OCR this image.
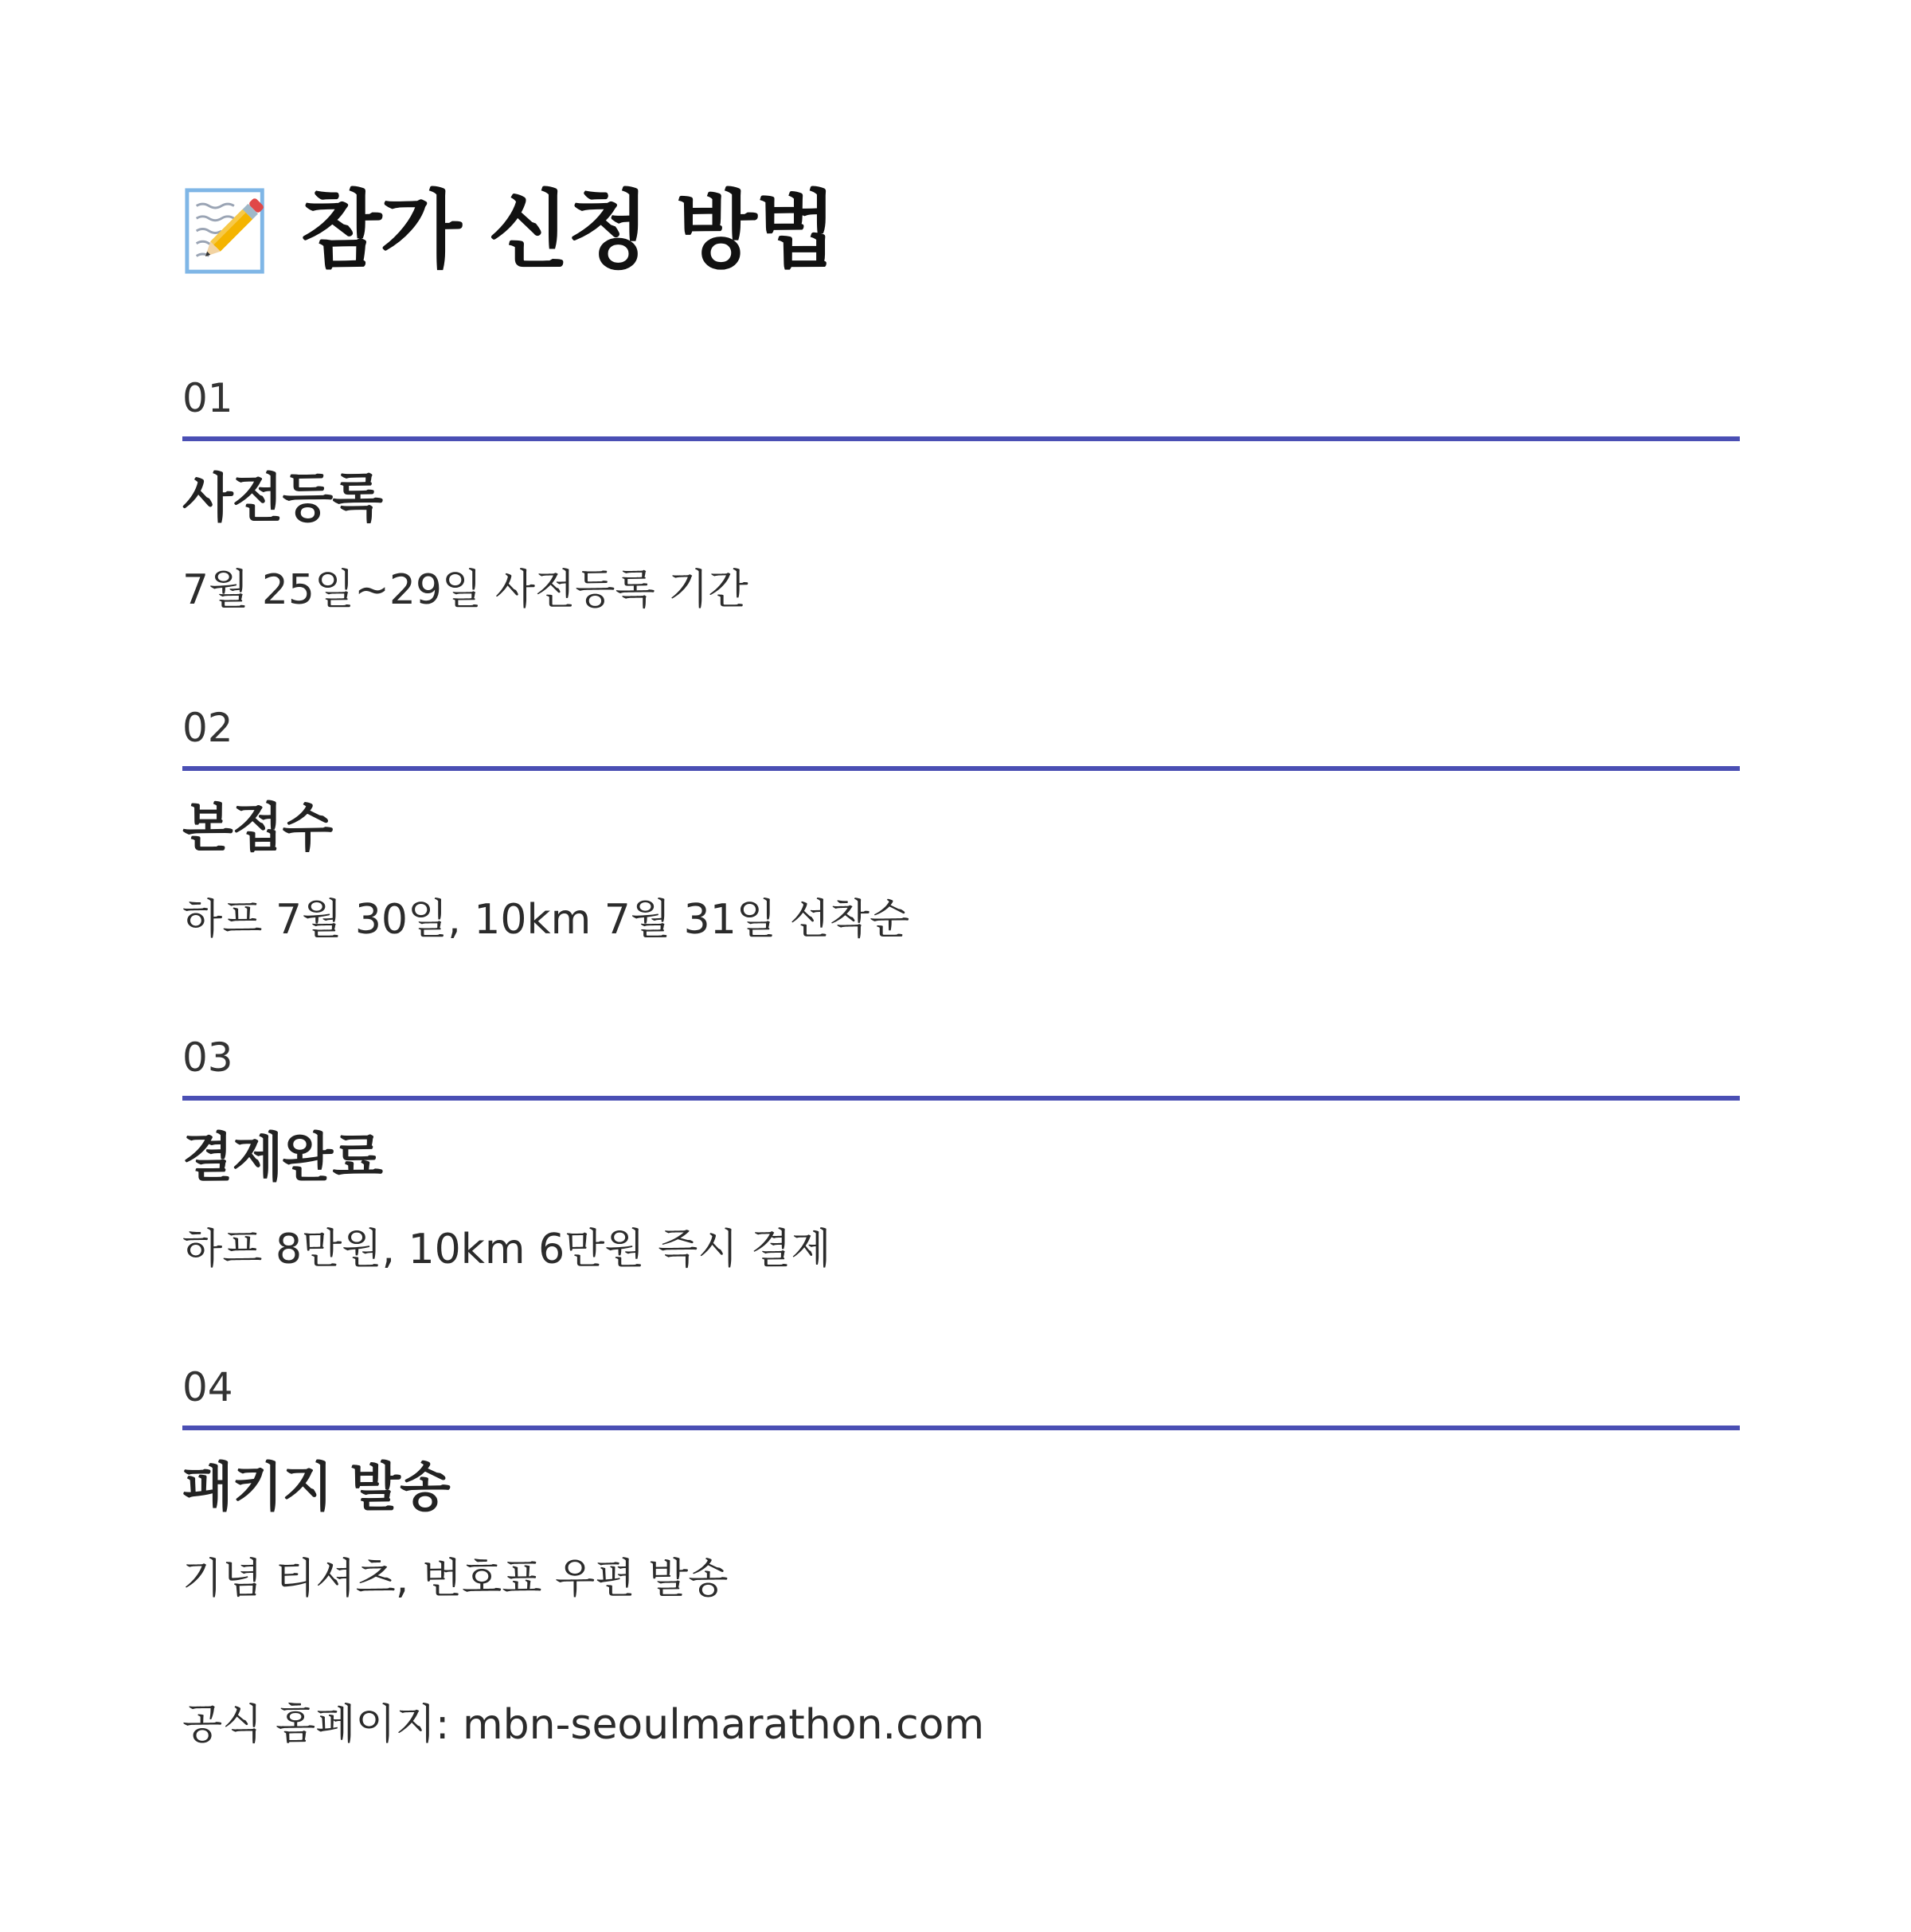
참가 신청 방법
01
사전등록
7월 25일~29일 사전등록 기간
02
본접수
하프 7월 30일, 10km 7월 31일 선착순
03
결제완료
하프 8만원, 10km 6만원 즉시 결제
04
패키지 발송
기념 티셔츠, 번호표 우편 발송
공식 홈페이지: mbn-seoulmarathon.com
